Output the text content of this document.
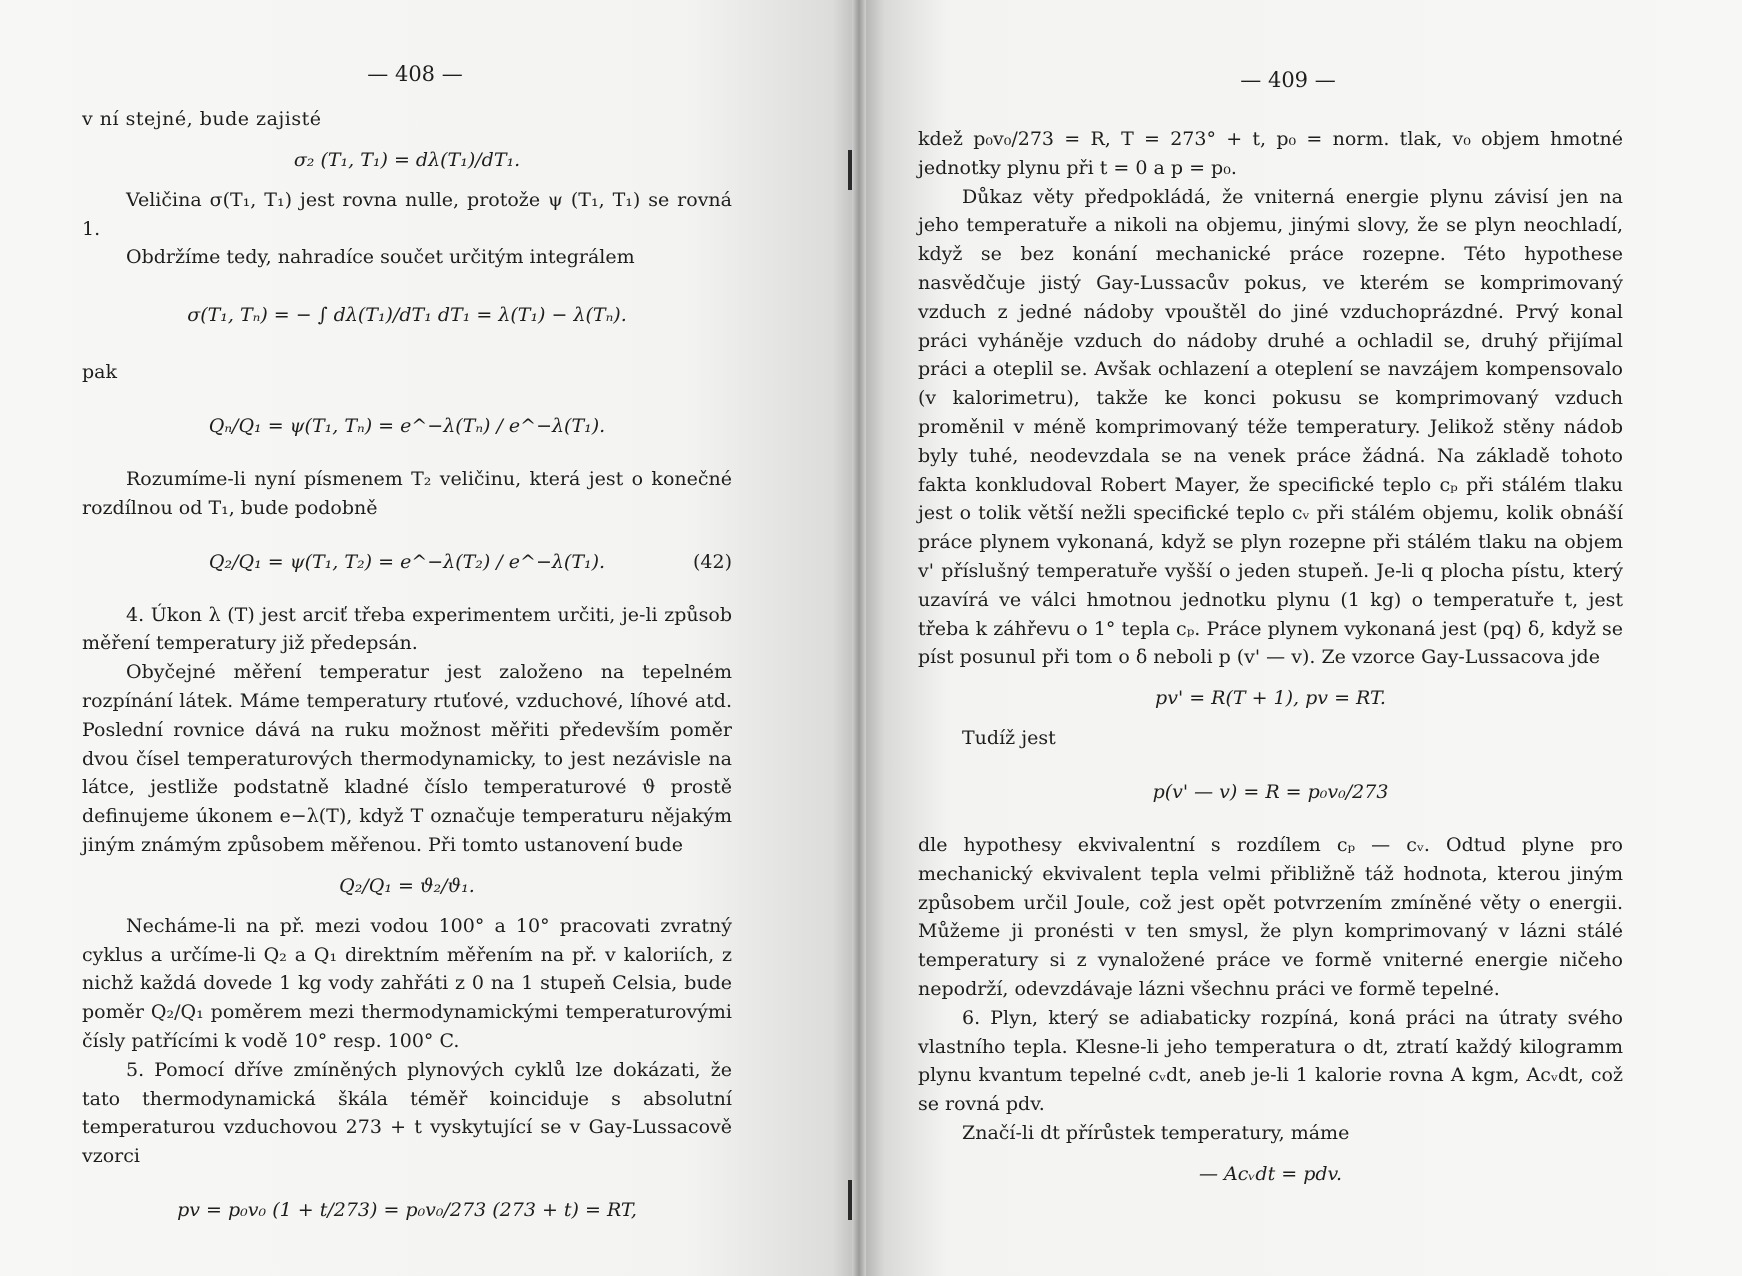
— 408 —

v ní stejné, bude zajisté

σ₂ (T₁, T₁) = dλ(T₁)/dT₁.

Veličina σ(T₁, T₁) jest rovna nulle, protože ψ (T₁, T₁) se rovná 1.

Obdržíme tedy, nahradíce součet určitým integrálem

σ(T₁, Tₙ) = − ∫ dλ(T₁)/dT₁ dT₁ = λ(T₁) − λ(Tₙ).

pak

Qₙ/Q₁ = ψ(T₁, Tₙ) = e^−λ(Tₙ) / e^−λ(T₁).

Rozumíme-li nyní písmenem T₂ veličinu, která jest o konečné rozdílnou od T₁, bude podobně

Q₂/Q₁ = ψ(T₁, T₂) = e^−λ(T₂) / e^−λ(T₁).	(42)

4. Úkon λ (T) jest arciť třeba experimentem určiti, je-li způsob měření temperatury již předepsán.

Obyčejné měření temperatur jest založeno na tepelném rozpínání látek. Máme temperatury rtuťové, vzduchové, líhové atd. Poslední rovnice dává na ruku možnost měřiti především poměr dvou čísel temperaturových thermodynamicky, to jest nezávisle na látce, jestliže podstatně kladné číslo temperaturové ϑ prostě definujeme úkonem e−λ(T), když T označuje temperaturu nějakým jiným známým způsobem měřenou. Při tomto ustanovení bude

Q₂/Q₁ = ϑ₂/ϑ₁.

Necháme-li na př. mezi vodou 100° a 10° pracovati zvratný cyklus a určíme-li Q₂ a Q₁ direktním měřením na př. v kaloriích, z nichž každá dovede 1 kg vody zahřáti z 0 na 1 stupeň Celsia, bude poměr Q₂/Q₁ poměrem mezi thermodynamickými temperaturovými čísly patřícími k vodě 10° resp. 100° C.

5. Pomocí dříve zmíněných plynových cyklů lze dokázati, že tato thermodynamická škála téměř koinciduje s absolutní temperaturou vzduchovou 273 + t vyskytující se v Gay-Lussacově vzorci

pv = p₀v₀ (1 + t/273) = p₀v₀/273 (273 + t) = RT,
— 409 —

kdež p₀v₀/273 = R, T = 273° + t, p₀ = norm. tlak, v₀ objem hmotné jednotky plynu při t = 0 a p = p₀.

Důkaz věty předpokládá, že vniterná energie plynu závisí jen na jeho temperatuře a nikoli na objemu, jinými slovy, že se plyn neochladí, když se bez konání mechanické práce rozepne. Této hypothese nasvědčuje jistý Gay-Lussacův pokus, ve kterém se komprimovaný vzduch z jedné nádoby vpouštěl do jiné vzduchoprázdné. Prvý konal práci vyháněje vzduch do nádoby druhé a ochladil se, druhý přijímal práci a oteplil se. Avšak ochlazení a oteplení se navzájem kompensovalo (v kalorimetru), takže ke konci pokusu se komprimovaný vzduch proměnil v méně komprimovaný téže temperatury. Jelikož stěny nádob byly tuhé, neodevzdala se na venek práce žádná. Na základě tohoto fakta konkludoval Robert Mayer, že specifické teplo cₚ při stálém tlaku jest o tolik větší nežli specifické teplo cᵥ při stálém objemu, kolik obnáší práce plynem vykonaná, když se plyn rozepne při stálém tlaku na objem v' příslušný temperatuře vyšší o jeden stupeň. Je-li q plocha pístu, který uzavírá ve válci hmotnou jednotku plynu (1 kg) o temperatuře t, jest třeba k záhřevu o 1° tepla cₚ. Práce plynem vykonaná jest (pq) δ, když se píst posunul při tom o δ neboli p (v' — v). Ze vzorce Gay-Lussacova jde

pv' = R(T + 1), pv = RT.

Tudíž jest

p(v' — v) = R = p₀v₀/273

dle hypothesy ekvivalentní s rozdílem cₚ — cᵥ. Odtud plyne pro mechanický ekvivalent tepla velmi přibližně táž hodnota, kterou jiným způsobem určil Joule, což jest opět potvrzením zmíněné věty o energii. Můžeme ji pronésti v ten smysl, že plyn komprimovaný v lázni stálé temperatury si z vynaložené práce ve formě vniterné energie ničeho nepodrží, odevzdávaje lázni všechnu práci ve formě tepelné.

6. Plyn, který se adiabaticky rozpíná, koná práci na útraty svého vlastního tepla. Klesne-li jeho temperatura o dt, ztratí každý kilogramm plynu kvantum tepelné cᵥdt, aneb je-li 1 kalorie rovna A kgm, Acᵥdt, což se rovná pdv.

Značí-li dt přírůstek temperatury, máme

— Acᵥdt = pdv.
